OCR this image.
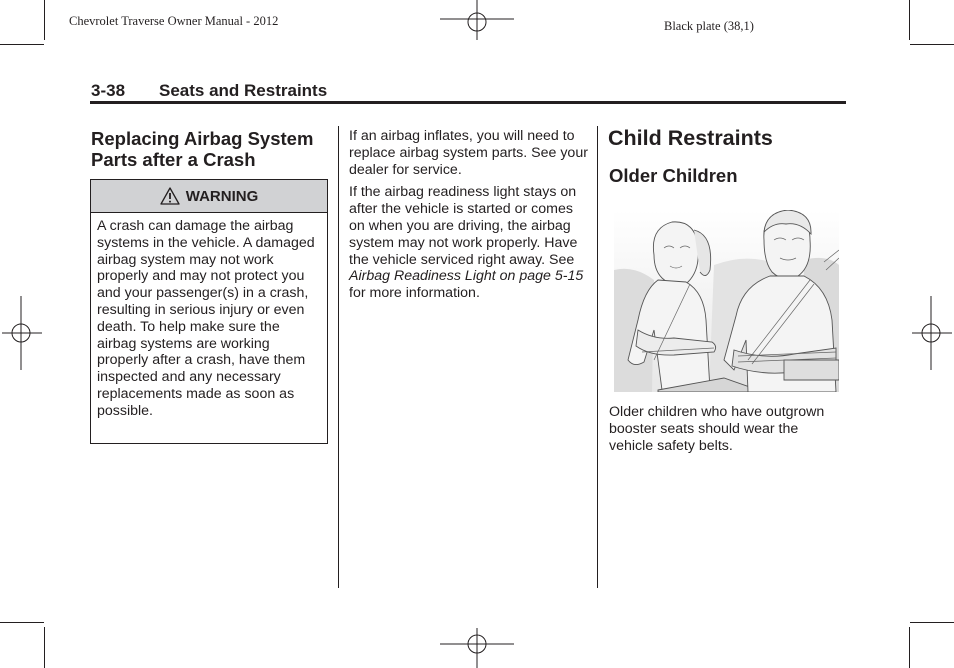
Chevrolet Traverse Owner Manual - 2012	Black plate (38,1)
3-38 Seats and Restraints
Replacing Airbag System Parts after a Crash
WARNING
A crash can damage the airbag systems in the vehicle. A damaged airbag system may not work properly and may not protect you and your passenger(s) in a crash, resulting in serious injury or even death. To help make sure the airbag systems are working properly after a crash, have them inspected and any necessary replacements made as soon as possible.

If an airbag inflates, you will need to replace airbag system parts. See your dealer for service.

If the airbag readiness light stays on after the vehicle is started or comes on when you are driving, the airbag system may not work properly. Have the vehicle serviced right away. See Airbag Readiness Light on page 5-15 for more information.

Child Restraints
Older Children
Older children who have outgrown booster seats should wear the vehicle safety belts.
